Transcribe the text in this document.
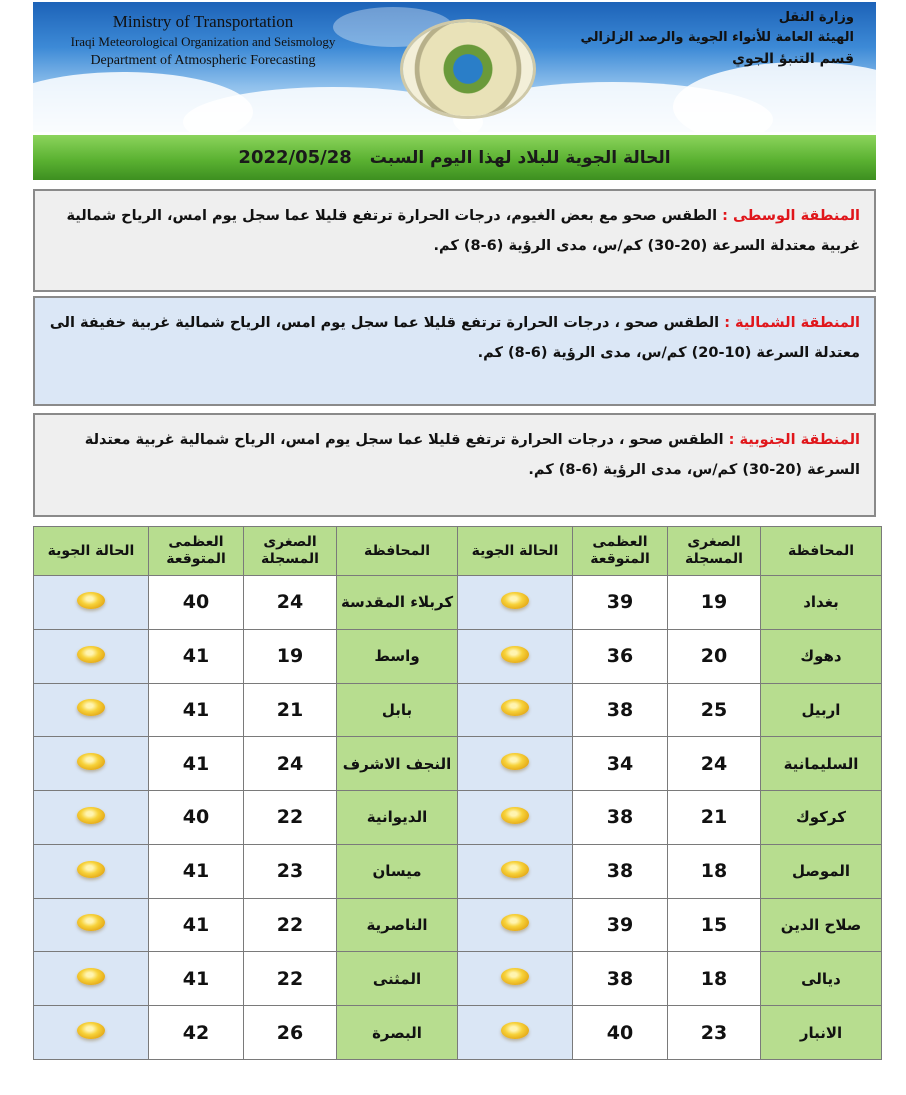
Ministry of Transportation
Iraqi Meteorological Organization and Seismology
Department of Atmospheric Forecasting
وزارة النقل
الهيئة العامة للأنواء الجوية والرصد الزلزالي
قسم التنبؤ الجوي
الحالة الجوية للبلاد لهذا اليوم السبت
2022/05/28
المنطقة الوسطى : الطقس صحو مع بعض الغيوم، درجات الحرارة ترتفع قليلا عما سجل يوم امس، الرياح شمالية غربية معتدلة السرعة (20-30) كم/س، مدى الرؤية (6-8) كم.
المنطقة الشمالية : الطقس صحو ، درجات الحرارة ترتفع قليلا عما سجل يوم امس، الرياح شمالية غربية خفيفة الى معتدلة السرعة (10-20) كم/س، مدى الرؤية (6-8) كم.
المنطقة الجنوبية : الطقس صحو ، درجات الحرارة ترتفع قليلا عما سجل يوم امس، الرياح شمالية غربية معتدلة السرعة (20-30) كم/س، مدى الرؤية (6-8) كم.
المحافظة	الصغرى المسجلة	العظمى المتوقعة	الحالة الجوية	المحافظة	الصغرى المسجلة	العظمى المتوقعة	الحالة الجوية
بغداد	19	39		كربلاء المقدسة	24	40	
دهوك	20	36		واسط	19	41	
اربيل	25	38		بابل	21	41	
السليمانية	24	34		النجف الاشرف	24	41	
كركوك	21	38		الديوانية	22	40	
الموصل	18	38		ميسان	23	41	
صلاح الدين	15	39		الناصرية	22	41	
ديالى	18	38		المثنى	22	41	
الانبار	23	40		البصرة	26	42	
